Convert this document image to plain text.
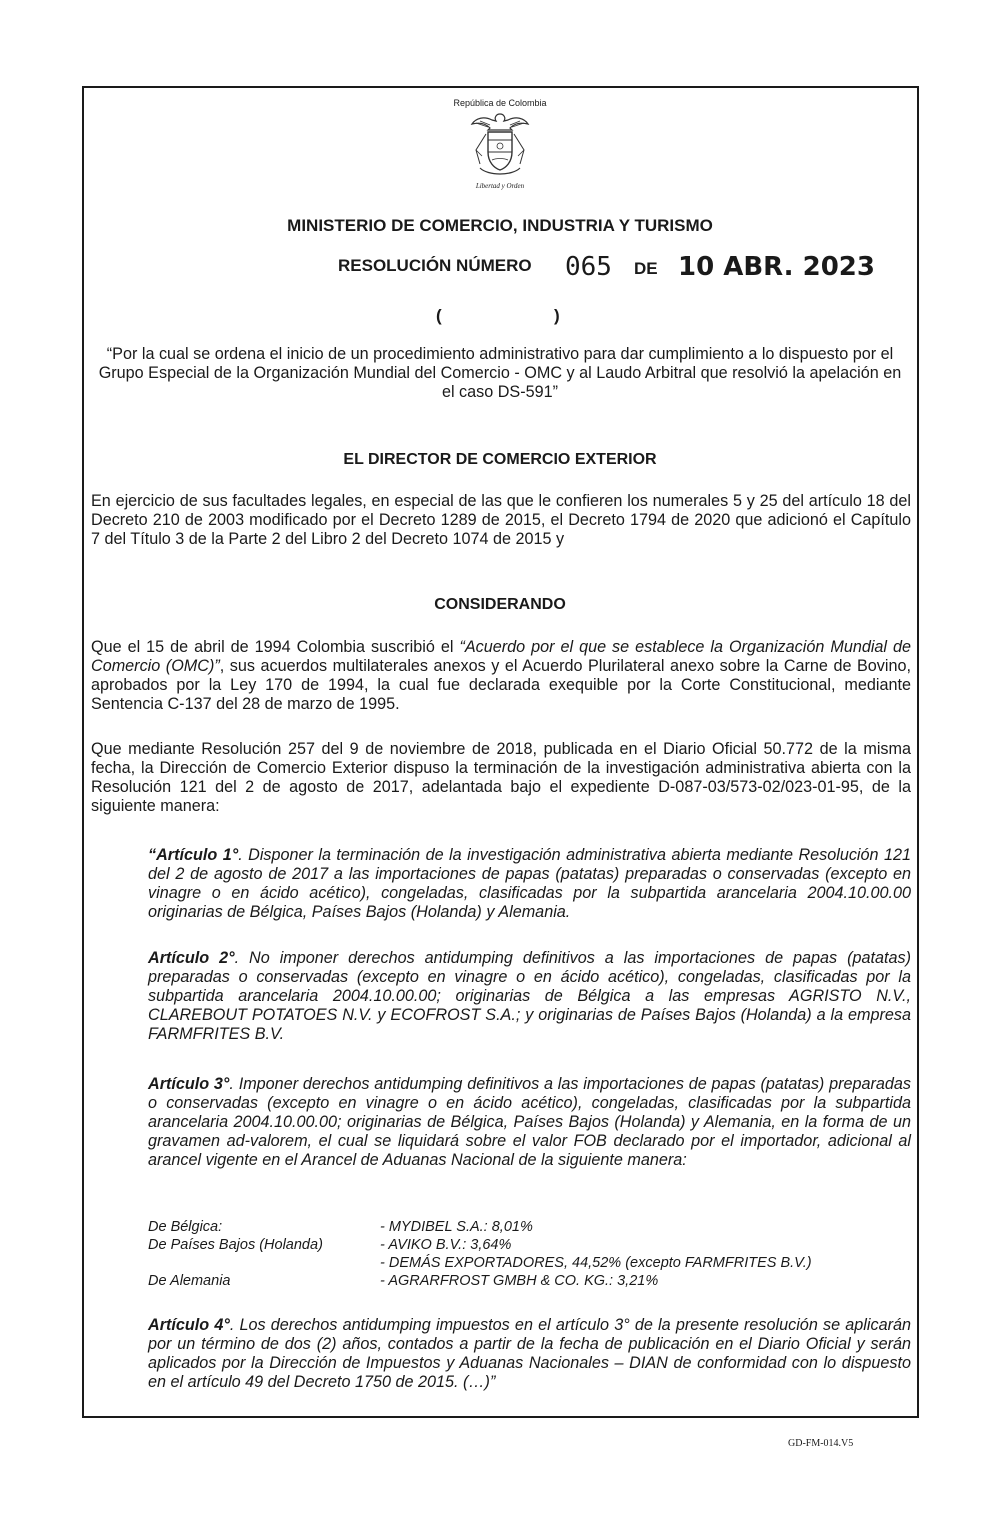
República de Colombia
Libertad y Orden
MINISTERIO DE COMERCIO, INDUSTRIA Y TURISMO
RESOLUCIÓN NÚMERO 065 DE 10 ABR. 2023
(	)
“Por la cual se ordena el inicio de un procedimiento administrativo para dar cumplimiento a lo dispuesto por el Grupo Especial de la Organización Mundial del Comercio - OMC y al Laudo Arbitral que resolvió la apelación en el caso DS-591”
EL DIRECTOR DE COMERCIO EXTERIOR
En ejercicio de sus facultades legales, en especial de las que le confieren los numerales 5 y 25 del artículo 18 del Decreto 210 de 2003 modificado por el Decreto 1289 de 2015, el Decreto 1794 de 2020 que adicionó el Capítulo 7 del Título 3 de la Parte 2 del Libro 2 del Decreto 1074 de 2015 y
CONSIDERANDO
Que el 15 de abril de 1994 Colombia suscribió el “Acuerdo por el que se establece la Organización Mundial de Comercio (OMC)”, sus acuerdos multilaterales anexos y el Acuerdo Plurilateral anexo sobre la Carne de Bovino, aprobados por la Ley 170 de 1994, la cual fue declarada exequible por la Corte Constitucional, mediante Sentencia C-137 del 28 de marzo de 1995.
Que mediante Resolución 257 del 9 de noviembre de 2018, publicada en el Diario Oficial 50.772 de la misma fecha, la Dirección de Comercio Exterior dispuso la terminación de la investigación administrativa abierta con la Resolución 121 del 2 de agosto de 2017, adelantada bajo el expediente D-087-03/573-02/023-01-95, de la siguiente manera:
“Artículo 1°. Disponer la terminación de la investigación administrativa abierta mediante Resolución 121 del 2 de agosto de 2017 a las importaciones de papas (patatas) preparadas o conservadas (excepto en vinagre o en ácido acético), congeladas, clasificadas por la subpartida arancelaria 2004.10.00.00 originarias de Bélgica, Países Bajos (Holanda) y Alemania.
Artículo 2°. No imponer derechos antidumping definitivos a las importaciones de papas (patatas) preparadas o conservadas (excepto en vinagre o en ácido acético), congeladas, clasificadas por la subpartida arancelaria 2004.10.00.00; originarias de Bélgica a las empresas AGRISTO N.V., CLAREBOUT POTATOES N.V. y ECOFROST S.A.; y originarias de Países Bajos (Holanda) a la empresa FARMFRITES B.V.
Artículo 3°. Imponer derechos antidumping definitivos a las importaciones de papas (patatas) preparadas o conservadas (excepto en vinagre o en ácido acético), congeladas, clasificadas por la subpartida arancelaria 2004.10.00.00; originarias de Bélgica, Países Bajos (Holanda) y Alemania, en la forma de un gravamen ad-valorem, el cual se liquidará sobre el valor FOB declarado por el importador, adicional al arancel vigente en el Arancel de Aduanas Nacional de la siguiente manera:
De Bélgica:	- MYDIBEL S.A.: 8,01%
De Países Bajos (Holanda)	- AVIKO B.V.: 3,64%
- DEMÁS EXPORTADORES, 44,52% (excepto FARMFRITES B.V.)
De Alemania	- AGRARFROST GMBH & CO. KG.: 3,21%
Artículo 4°. Los derechos antidumping impuestos en el artículo 3° de la presente resolución se aplicarán por un término de dos (2) años, contados a partir de la fecha de publicación en el Diario Oficial y serán aplicados por la Dirección de Impuestos y Aduanas Nacionales – DIAN de conformidad con lo dispuesto en el artículo 49 del Decreto 1750 de 2015. (…)”
GD-FM-014.V5
